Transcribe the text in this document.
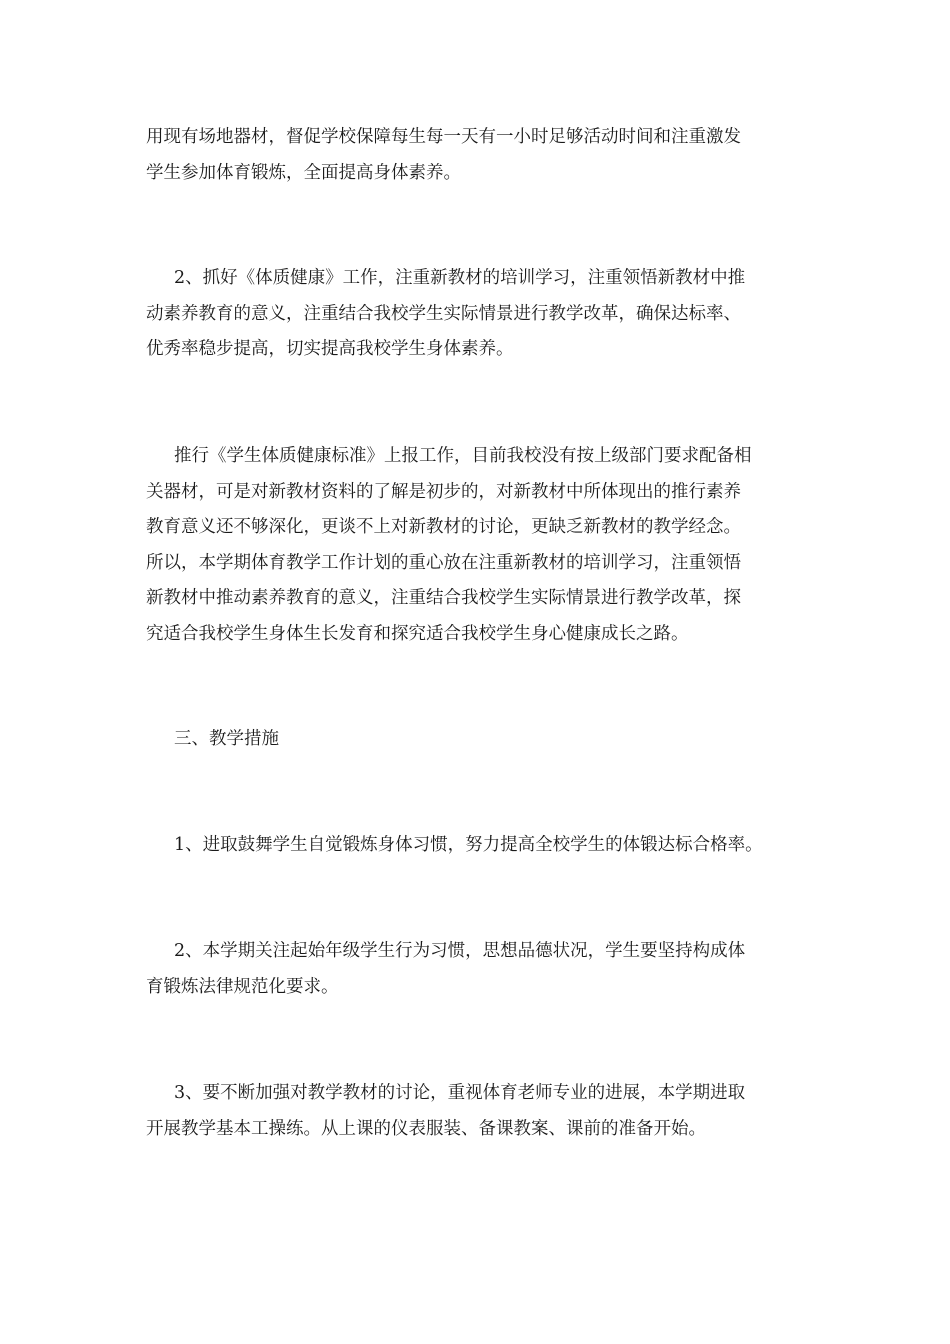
用现有场地器材，督促学校保障每生每一天有一小时足够活动时间和注重激发
学生参加体育锻炼，全面提高身体素养。

2、抓好《体质健康》工作，注重新教材的培训学习，注重领悟新教材中推
动素养教育的意义，注重结合我校学生实际情景进行教学改革，确保达标率、
优秀率稳步提高，切实提高我校学生身体素养。

推行《学生体质健康标准》上报工作，目前我校没有按上级部门要求配备相
关器材，可是对新教材资料的了解是初步的，对新教材中所体现出的推行素养
教育意义还不够深化，更谈不上对新教材的讨论，更缺乏新教材的教学经念。
所以，本学期体育教学工作计划的重心放在注重新教材的培训学习，注重领悟
新教材中推动素养教育的意义，注重结合我校学生实际情景进行教学改革，探
究适合我校学生身体生长发育和探究适合我校学生身心健康成长之路。

三、教学措施

1、进取鼓舞学生自觉锻炼身体习惯，努力提高全校学生的体锻达标合格率。

2、本学期关注起始年级学生行为习惯，思想品德状况，学生要坚持构成体
育锻炼法律规范化要求。

3、要不断加强对教学教材的讨论，重视体育老师专业的进展，本学期进取
开展教学基本工操练。从上课的仪表服装、备课教案、课前的准备开始。
